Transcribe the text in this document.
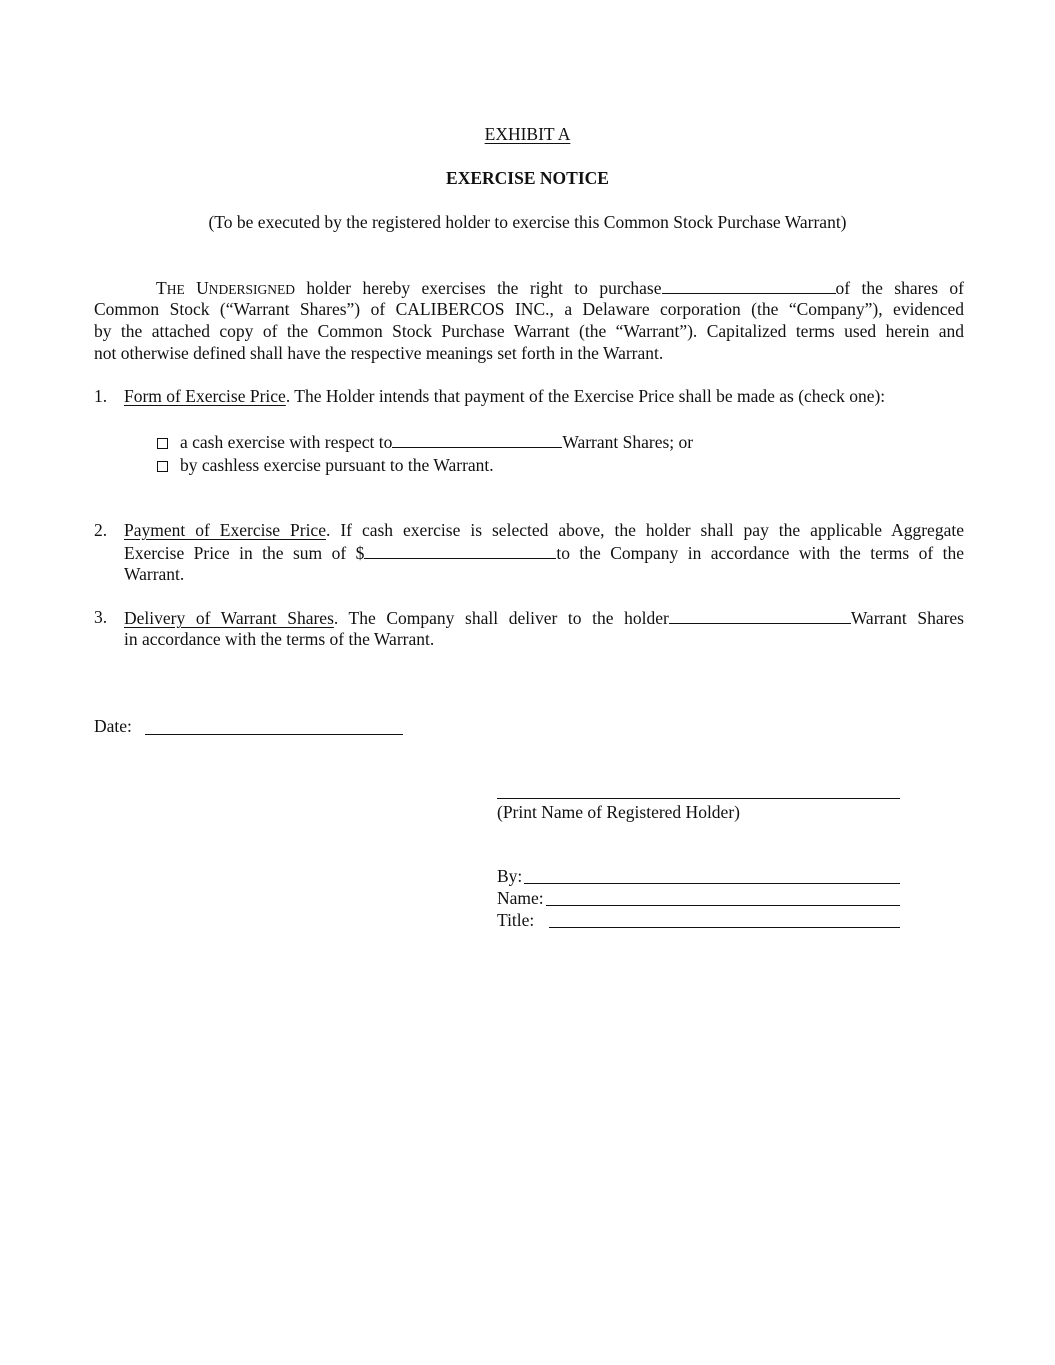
EXHIBIT A
EXERCISE NOTICE
(To be executed by the registered holder to exercise this Common Stock Purchase Warrant)
THE UNDERSIGNED holder hereby exercises the right to purchase	of the shares of
Common Stock (“Warrant Shares”) of CALIBERCOS INC., a Delaware corporation (the “Company”), evidenced
by the attached copy of the Common Stock Purchase Warrant (the “Warrant”). Capitalized terms used herein and
not otherwise defined shall have the respective meanings set forth in the Warrant.
1. Form of Exercise Price. The Holder intends that payment of the Exercise Price shall be made as (check one):
a cash exercise with respect to	Warrant Shares; or
by cashless exercise pursuant to the Warrant.
2. Payment of Exercise Price. If cash exercise is selected above, the holder shall pay the applicable Aggregate
Exercise Price in the sum of $	to the Company in accordance with the terms of the
Warrant.
3. Delivery of Warrant Shares. The Company shall deliver to the holder	Warrant Shares
in accordance with the terms of the Warrant.
Date:
(Print Name of Registered Holder)
By:
Name:
Title:
